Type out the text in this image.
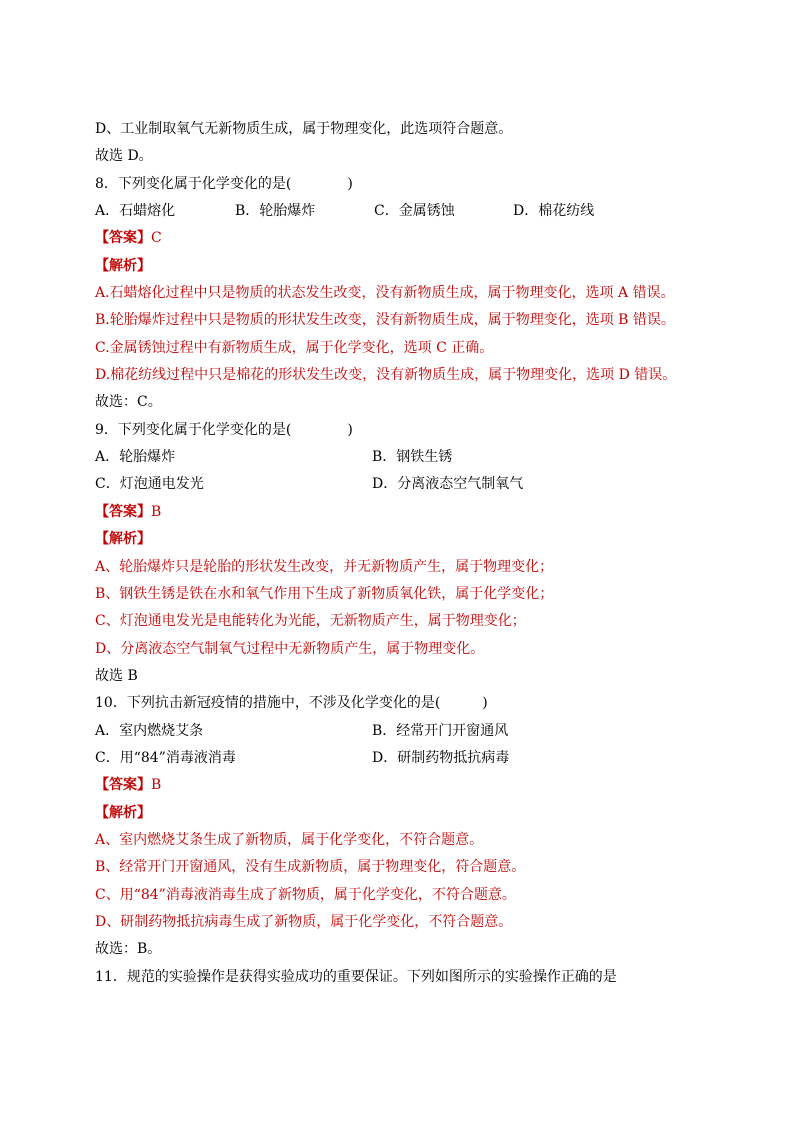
D、工业制取氧气无新物质生成，属于物理变化，此选项符合题意。
故选 D。
8．下列变化属于化学变化的是(　　　　)
A．石蜡熔化	B．轮胎爆炸	C．金属锈蚀	D．棉花纺线
【答案】C
【解析】
A.石蜡熔化过程中只是物质的状态发生改变，没有新物质生成，属于物理变化，选项 A 错误。
B.轮胎爆炸过程中只是物质的形状发生改变，没有新物质生成，属于物理变化，选项 B 错误。
C.金属锈蚀过程中有新物质生成，属于化学变化，选项 C 正确。
D.棉花纺线过程中只是棉花的形状发生改变，没有新物质生成，属于物理变化，选项 D 错误。
故选：C。
9．下列变化属于化学变化的是(　　　　)
A．轮胎爆炸	B．钢铁生锈
C．灯泡通电发光	D．分离液态空气制氧气
【答案】B
【解析】
A、轮胎爆炸只是轮胎的形状发生改变，并无新物质产生，属于物理变化；
B、钢铁生锈是铁在水和氧气作用下生成了新物质氧化铁，属于化学变化；
C、灯泡通电发光是电能转化为光能，无新物质产生，属于物理变化；
D、分离液态空气制氧气过程中无新物质产生，属于物理变化。
故选 B
10．下列抗击新冠疫情的措施中，不涉及化学变化的是(　　　)
A．室内燃烧艾条	B．经常开门开窗通风
C．用“84”消毒液消毒	D．研制药物抵抗病毒
【答案】B
【解析】
A、室内燃烧艾条生成了新物质，属于化学变化，不符合题意。
B、经常开门开窗通风，没有生成新物质，属于物理变化，符合题意。
C、用“84”消毒液消毒生成了新物质，属于化学变化，不符合题意。
D、研制药物抵抗病毒生成了新物质，属于化学变化，不符合题意。
故选：B。
11．规范的实验操作是获得实验成功的重要保证。下列如图所示的实验操作正确的是
